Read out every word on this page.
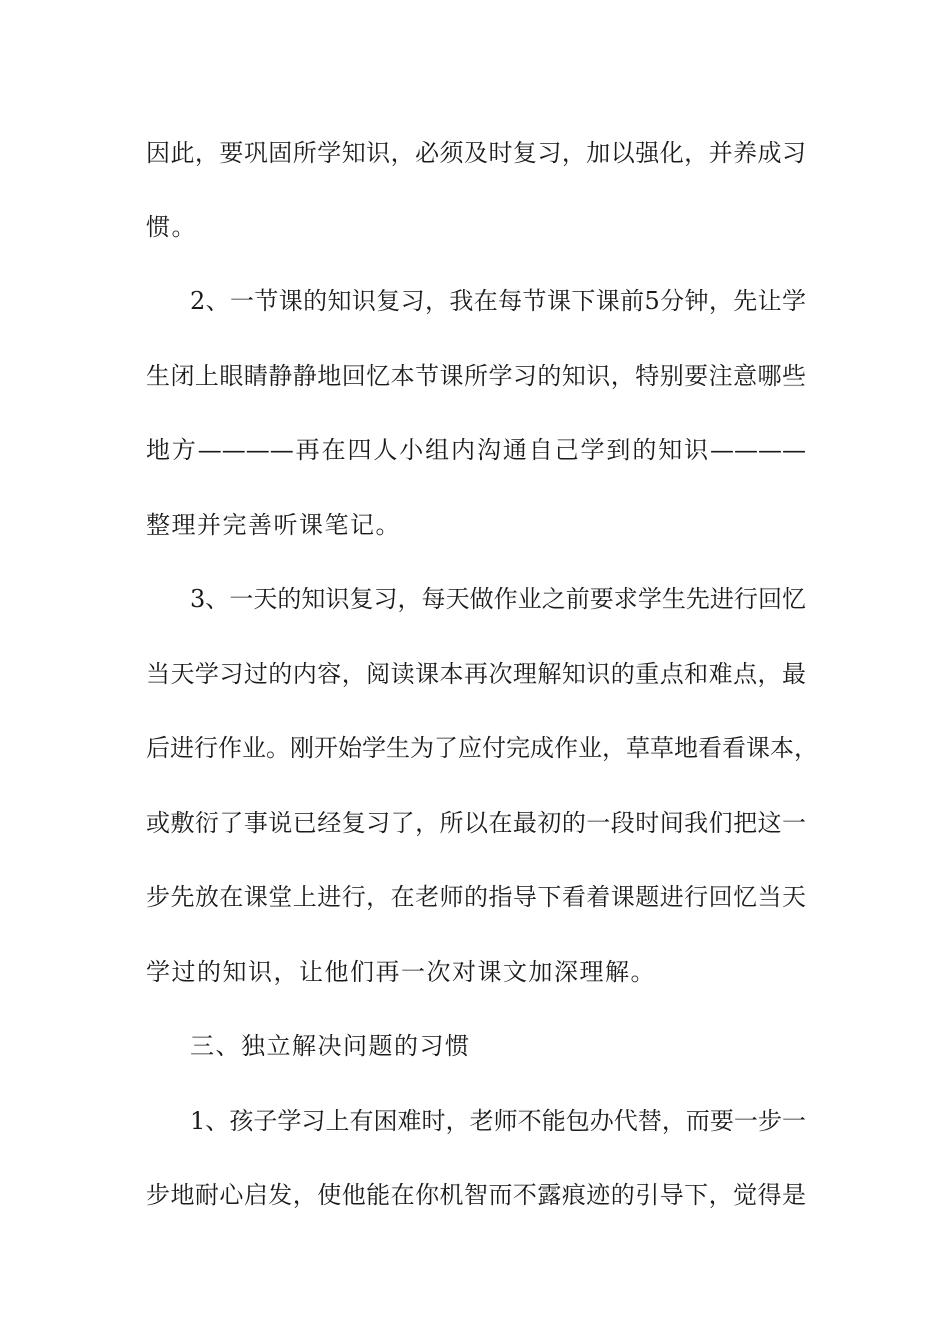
因此，要巩固所学知识，必须及时复习，加以强化，并养成习
惯。
2、一节课的知识复习，我在每节课下课前5分钟，先让学
生闭上眼睛静静地回忆本节课所学习的知识，特别要注意哪些
地方————再在四人小组内沟通自己学到的知识————
整理并完善听课笔记。
3、一天的知识复习，每天做作业之前要求学生先进行回忆
当天学习过的内容，阅读课本再次理解知识的重点和难点，最
后进行作业。刚开始学生为了应付完成作业，草草地看看课本，
或敷衍了事说已经复习了，所以在最初的一段时间我们把这一
步先放在课堂上进行，在老师的指导下看着课题进行回忆当天
学过的知识，让他们再一次对课文加深理解。
三、独立解决问题的习惯
1、孩子学习上有困难时，老师不能包办代替，而要一步一
步地耐心启发，使他能在你机智而不露痕迹的引导下，觉得是
